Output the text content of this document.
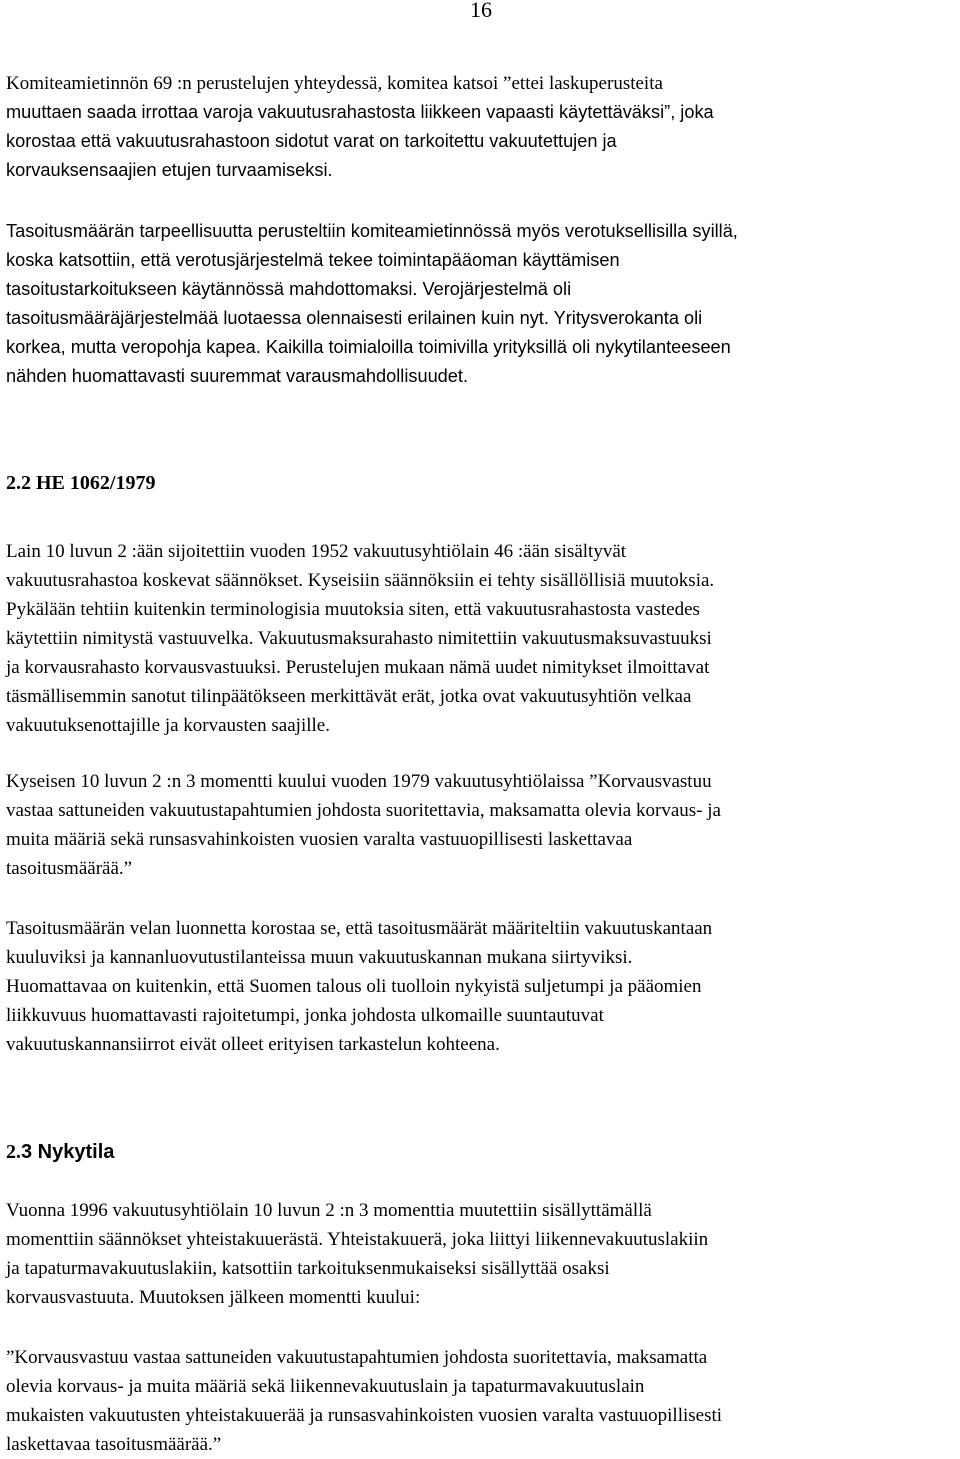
16
Komiteamietinnön 69 :n perustelujen yhteydessä, komitea katsoi ”ettei laskuperusteita
muuttaen saada irrottaa varoja vakuutusrahastosta liikkeen vapaasti käytettäväksi”, joka
korostaa että vakuutusrahastoon sidotut varat on tarkoitettu vakuutettujen ja
korvauksensaajien etujen turvaamiseksi.
Tasoitusmäärän tarpeellisuutta perusteltiin komiteamietinnössä myös verotuksellisilla syillä,
koska katsottiin, että verotusjärjestelmä tekee toimintapääoman käyttämisen
tasoitustarkoitukseen käytännössä mahdottomaksi. Verojärjestelmä oli
tasoitusmääräjärjestelmää luotaessa olennaisesti erilainen kuin nyt. Yritysverokanta oli
korkea, mutta veropohja kapea. Kaikilla toimialoilla toimivilla yrityksillä oli nykytilanteeseen
nähden huomattavasti suuremmat varausmahdollisuudet.
2.2 HE 1062/1979
Lain 10 luvun 2 :ään sijoitettiin vuoden 1952 vakuutusyhtiölain 46 :ään sisältyvät
vakuutusrahastoa koskevat säännökset. Kyseisiin säännöksiin ei tehty sisällöllisiä muutoksia.
Pykälään tehtiin kuitenkin terminologisia muutoksia siten, että vakuutusrahastosta vastedes
käytettiin nimitystä vastuuvelka. Vakuutusmaksurahasto nimitettiin vakuutusmaksuvastuuksi
ja korvausrahasto korvausvastuuksi. Perustelujen mukaan nämä uudet nimitykset ilmoittavat
täsmällisemmin sanotut tilinpäätökseen merkittävät erät, jotka ovat vakuutusyhtiön velkaa
vakuutuksenottajille ja korvausten saajille.
Kyseisen 10 luvun 2 :n 3 momentti kuului vuoden 1979 vakuutusyhtiölaissa ”Korvausvastuu
vastaa sattuneiden vakuutustapahtumien johdosta suoritettavia, maksamatta olevia korvaus- ja
muita määriä sekä runsasvahinkoisten vuosien varalta vastuuopillisesti laskettavaa
tasoitusmäärää.”
Tasoitusmäärän velan luonnetta korostaa se, että tasoitusmäärät määriteltiin vakuutuskantaan
kuuluviksi ja kannanluovutustilanteissa muun vakuutuskannan mukana siirtyviksi.
Huomattavaa on kuitenkin, että Suomen talous oli tuolloin nykyistä suljetumpi ja pääomien
liikkuvuus huomattavasti rajoitetumpi, jonka johdosta ulkomaille suuntautuvat
vakuutuskannansiirrot eivät olleet erityisen tarkastelun kohteena.
2.3 Nykytila
Vuonna 1996 vakuutusyhtiölain 10 luvun 2 :n 3 momenttia muutettiin sisällyttämällä
momenttiin säännökset yhteistakuuerästä. Yhteistakuuerä, joka liittyi liikennevakuutuslakiin
ja tapaturmavakuutuslakiin, katsottiin tarkoituksenmukaiseksi sisällyttää osaksi
korvausvastuuta. Muutoksen jälkeen momentti kuului:
”Korvausvastuu vastaa sattuneiden vakuutustapahtumien johdosta suoritettavia, maksamatta
olevia korvaus- ja muita määriä sekä liikennevakuutuslain ja tapaturmavakuutuslain
mukaisten vakuutusten yhteistakuuerää ja runsasvahinkoisten vuosien varalta vastuuopillisesti
laskettavaa tasoitusmäärää.”
